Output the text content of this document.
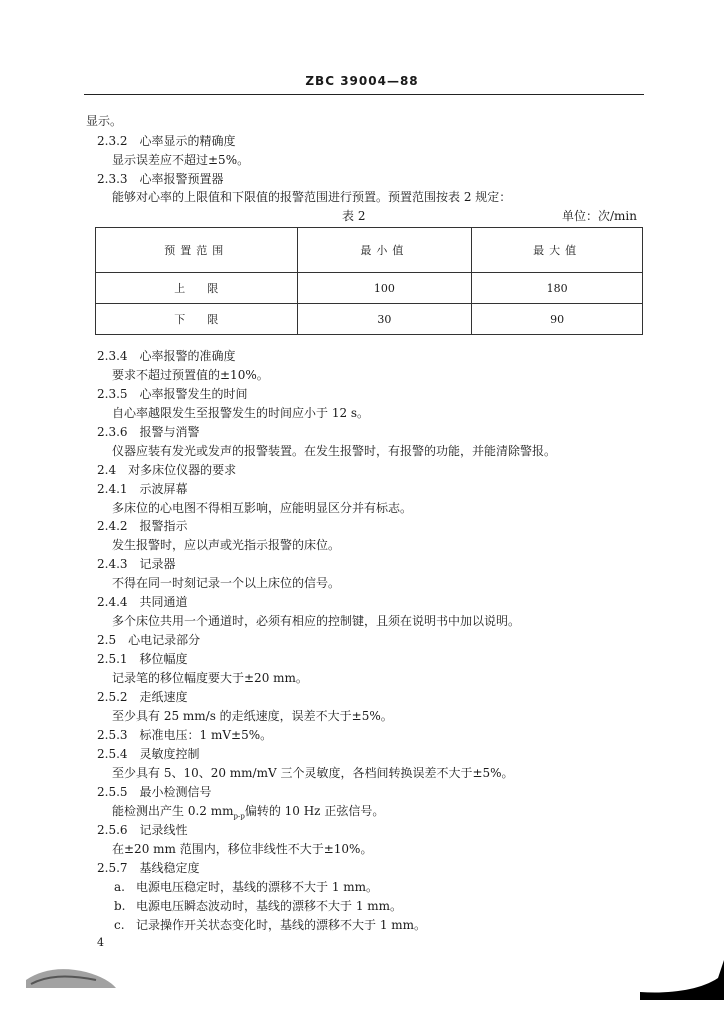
ZBC 39004—88
显示。
2.3.2　心率显示的精确度
显示误差应不超过±5%。
2.3.3　心率报警预置器
能够对心率的上限值和下限值的报警范围进行预置。预置范围按表 2 规定：
表 2	单位：次/min
预置范围	最小值	最大值
上　　限	100	180
下　　限	30	90
2.3.4　心率报警的准确度
要求不超过预置值的±10%。
2.3.5　心率报警发生的时间
自心率越限发生至报警发生的时间应小于 12 s。
2.3.6　报警与消警
仪器应装有发光或发声的报警装置。在发生报警时，有报警的功能，并能清除警报。
2.4　对多床位仪器的要求
2.4.1　示波屏幕
多床位的心电图不得相互影响，应能明显区分并有标志。
2.4.2　报警指示
发生报警时，应以声或光指示报警的床位。
2.4.3　记录器
不得在同一时刻记录一个以上床位的信号。
2.4.4　共同通道
多个床位共用一个通道时，必须有相应的控制键，且须在说明书中加以说明。
2.5　心电记录部分
2.5.1　移位幅度
记录笔的移位幅度要大于±20 mm。
2.5.2　走纸速度
至少具有 25 mm/s 的走纸速度，误差不大于±5%。
2.5.3　标准电压：1 mV±5%。
2.5.4　灵敏度控制
至少具有 5、10、20 mm/mV 三个灵敏度，各档间转换误差不大于±5%。
2.5.5　最小检测信号
能检测出产生 0.2 $mm_{p-p}$偏转的 10 Hz 正弦信号。
2.5.6　记录线性
在±20 mm 范围内，移位非线性不大于±10%。
2.5.7　基线稳定度
a. 电源电压稳定时，基线的漂移不大于 1 mm。
b. 电源电压瞬态波动时，基线的漂移不大于 1 mm。
c. 记录操作开关状态变化时，基线的漂移不大于 1 mm。
4
